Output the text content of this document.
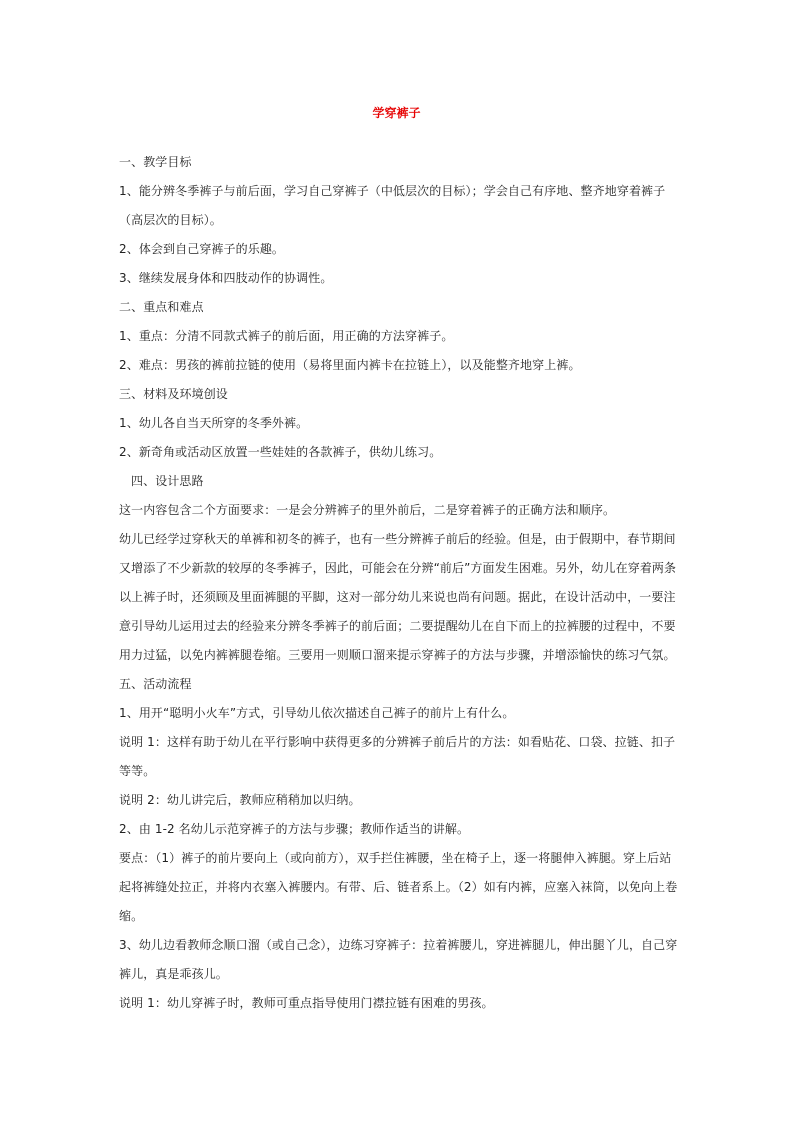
学穿裤子

一、教学目标

1、能分辨冬季裤子与前后面，学习自己穿裤子（中低层次的目标）；学会自己有序地、整齐地穿着裤子（高层次的目标）。

2、体会到自己穿裤子的乐趣。

3、继续发展身体和四肢动作的协调性。

二、重点和难点

1、重点：分清不同款式裤子的前后面，用正确的方法穿裤子。

2、难点：男孩的裤前拉链的使用（易将里面内裤卡在拉链上），以及能整齐地穿上裤。

三、材料及环境创设

1、幼儿各自当天所穿的冬季外裤。

2、新奇角或活动区放置一些娃娃的各款裤子，供幼儿练习。

四、设计思路

这一内容包含二个方面要求：一是会分辨裤子的里外前后，二是穿着裤子的正确方法和顺序。

幼儿已经学过穿秋天的单裤和初冬的裤子，也有一些分辨裤子前后的经验。但是，由于假期中，春节期间又增添了不少新款的较厚的冬季裤子，因此，可能会在分辨“前后”方面发生困难。另外，幼儿在穿着两条以上裤子时，还须顾及里面裤腿的平脚，这对一部分幼儿来说也尚有问题。据此，在设计活动中，一要注意引导幼儿运用过去的经验来分辨冬季裤子的前后面；二要提醒幼儿在自下而上的拉裤腰的过程中，不要用力过猛，以免内裤裤腿卷缩。三要用一则顺口溜来提示穿裤子的方法与步骤，并增添愉快的练习气氛。

五、活动流程

1、用开“聪明小火车”方式，引导幼儿依次描述自己裤子的前片上有什么。

说明 1：这样有助于幼儿在平行影响中获得更多的分辨裤子前后片的方法：如看贴花、口袋、拉链、扣子等等。

说明 2：幼儿讲完后，教师应稍稍加以归纳。

2、由 1-2 名幼儿示范穿裤子的方法与步骤；教师作适当的讲解。

要点：（1）裤子的前片要向上（或向前方），双手拦住裤腰，坐在椅子上，逐一将腿伸入裤腿。穿上后站起将裤缝处拉正，并将内衣塞入裤腰内。有带、后、链者系上。（2）如有内裤，应塞入袜筒，以免向上卷缩。

3、幼儿边看教师念顺口溜（或自己念），边练习穿裤子：拉着裤腰儿，穿进裤腿儿，伸出腿丫儿，自己穿裤儿，真是乖孩儿。

说明 1：幼儿穿裤子时，教师可重点指导使用门襟拉链有困难的男孩。
